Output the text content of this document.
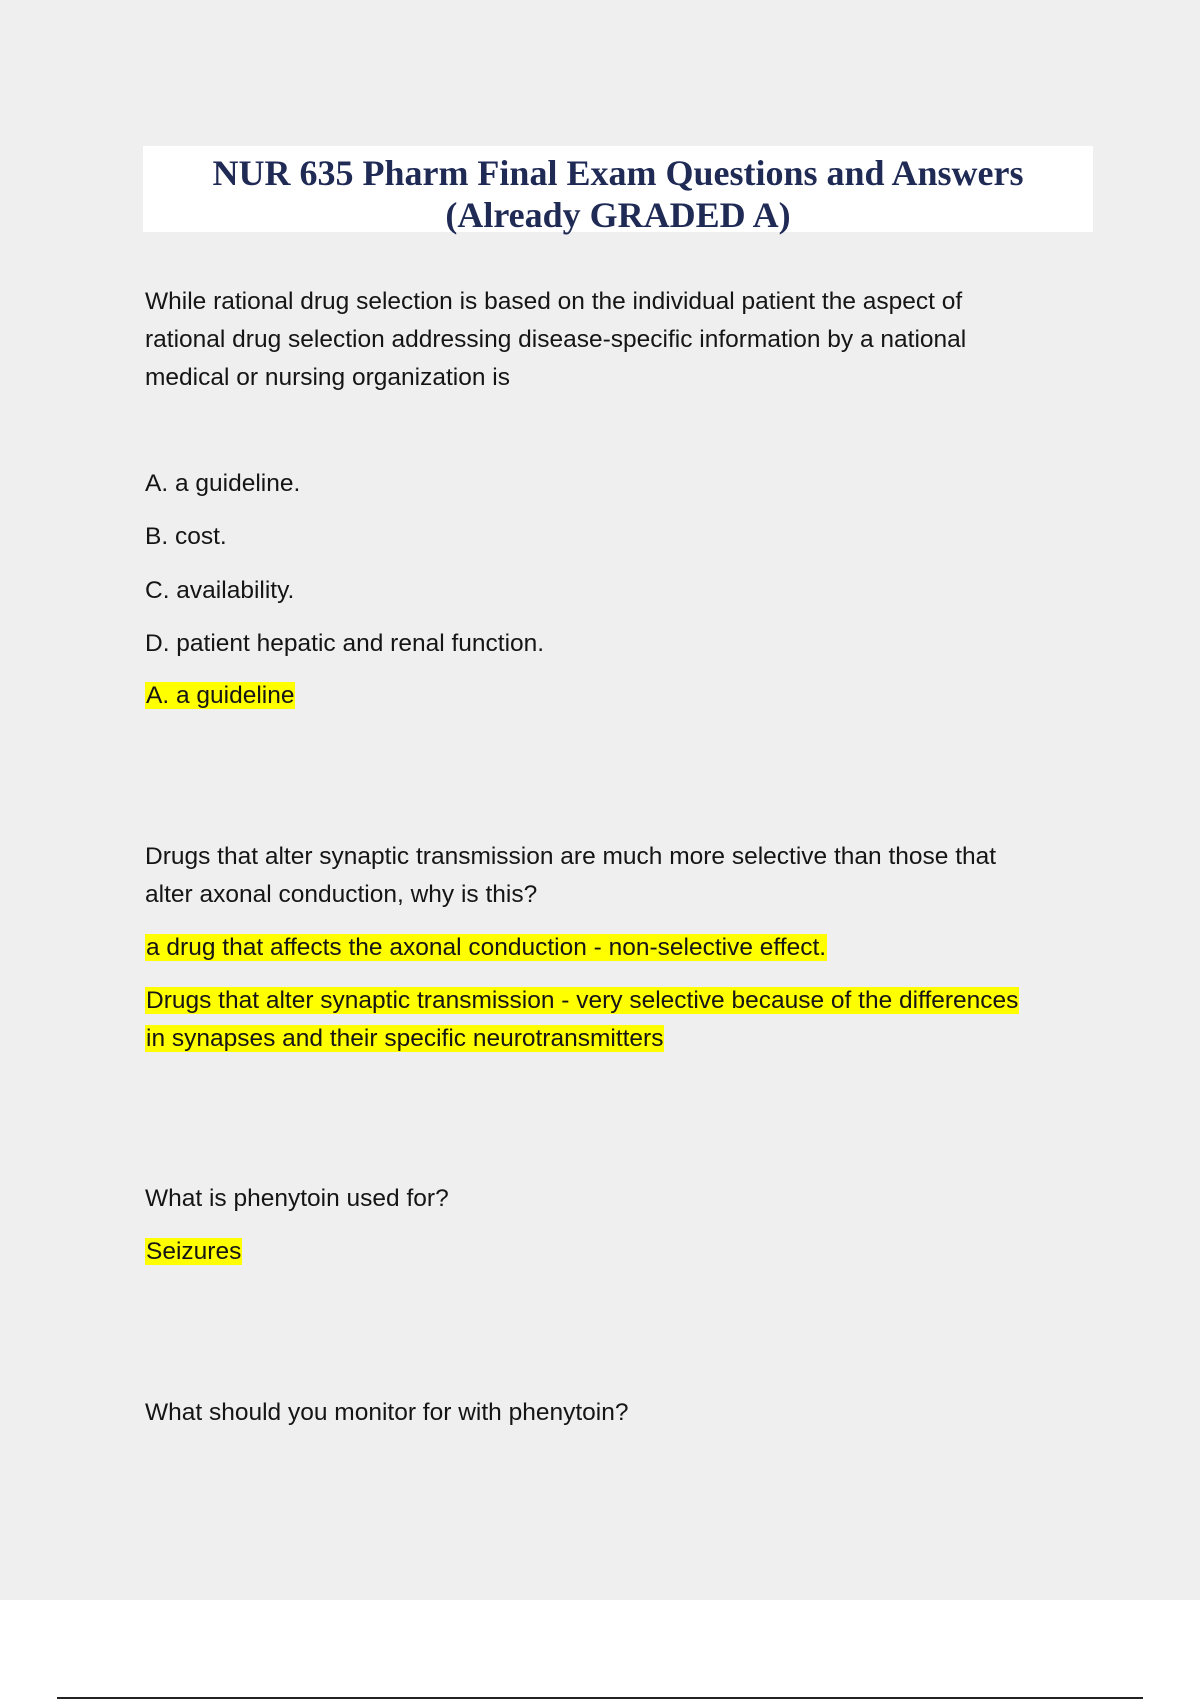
NUR 635 Pharm Final Exam Questions and Answers
(Already GRADED A)
While rational drug selection is based on the individual patient the aspect of
rational drug selection addressing disease-specific information by a national
medical or nursing organization is
A. a guideline.
B. cost.
C. availability.
D. patient hepatic and renal function.
A. a guideline
Drugs that alter synaptic transmission are much more selective than those that
alter axonal conduction, why is this?
a drug that affects the axonal conduction - non-selective effect.
Drugs that alter synaptic transmission - very selective because of the differences
in synapses and their specific neurotransmitters
What is phenytoin used for?
Seizures
What should you monitor for with phenytoin?
